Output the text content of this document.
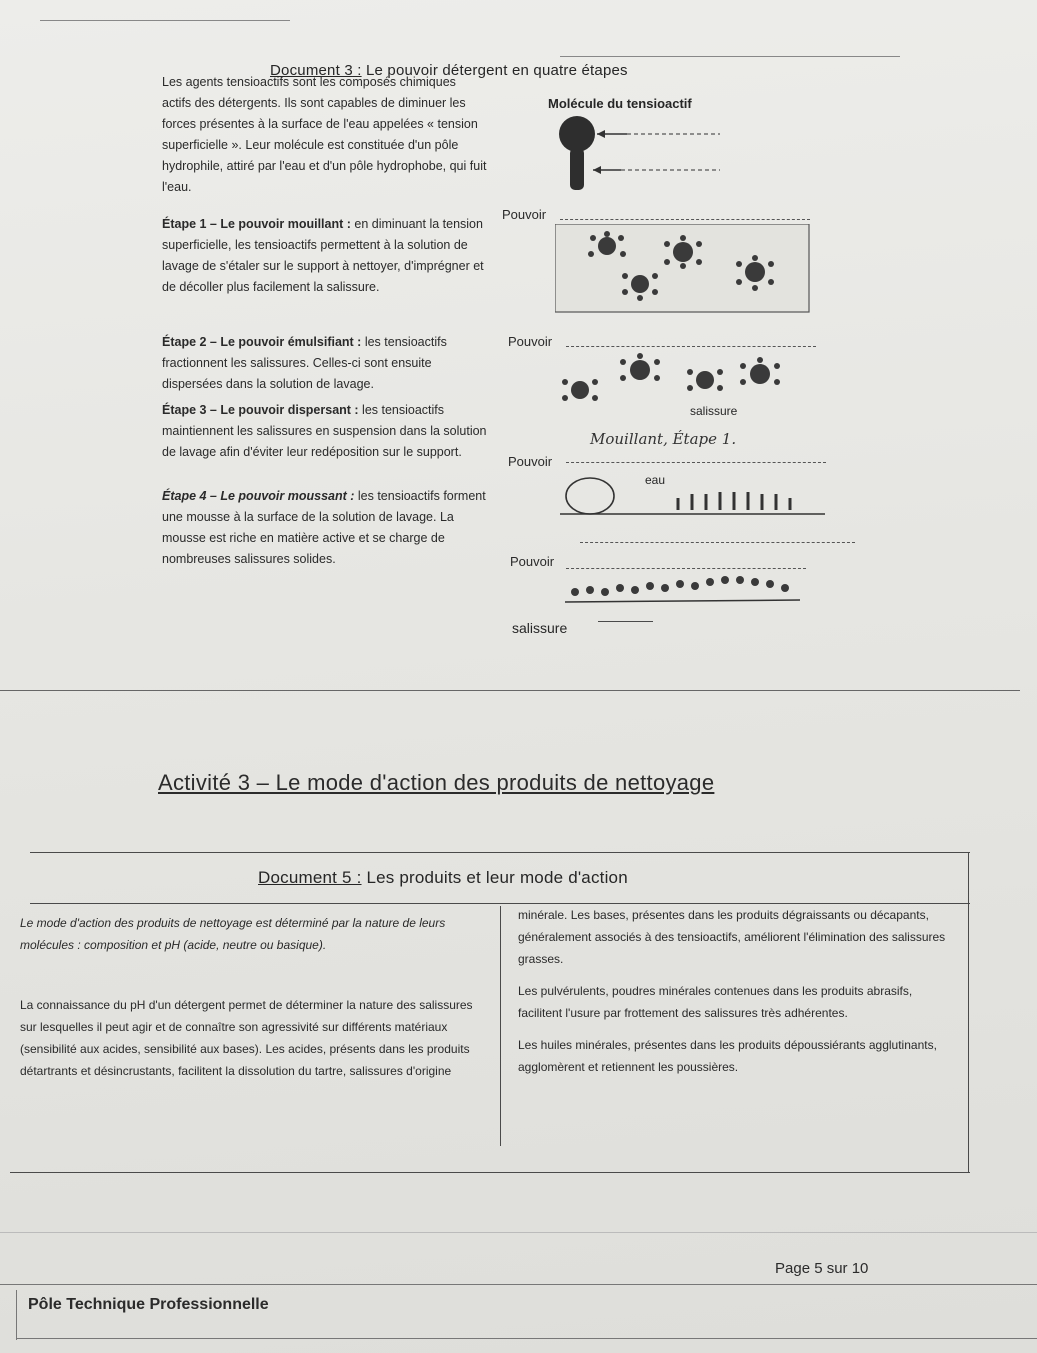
Document 3 : Le pouvoir détergent en quatre étapes
Les agents tensioactifs sont les composés chimiques actifs des détergents. Ils sont capables de diminuer les forces présentes à la surface de l'eau appelées « tension superficielle ». Leur molécule est constituée d'un pôle hydrophile, attiré par l'eau et d'un pôle hydrophobe, qui fuit l'eau.
Étape 1 – Le pouvoir mouillant : en diminuant la tension superficielle, les tensioactifs permettent à la solution de lavage de s'étaler sur le support à nettoyer, d'imprégner et de décoller plus facilement la salissure.
Étape 2 – Le pouvoir émulsifiant : les tensioactifs fractionnent les salissures. Celles-ci sont ensuite dispersées dans la solution de lavage.
Étape 3 – Le pouvoir dispersant : les tensioactifs maintiennent les salissures en suspension dans la solution de lavage afin d'éviter leur redéposition sur le support.
Étape 4 – Le pouvoir moussant : les tensioactifs forment une mousse à la surface de la solution de lavage. La mousse est riche en matière active et se charge de nombreuses salissures solides.
Molécule du tensioactif
Pouvoir
Pouvoir
salissure
Pouvoir
Mouillant, Étape 1.
eau
Pouvoir
salissure
Activité 3 – Le mode d'action des produits de nettoyage
Document 5 : Les produits et leur mode d'action
Le mode d'action des produits de nettoyage est déterminé par la nature de leurs molécules : composition et pH (acide, neutre ou basique).
La connaissance du pH d'un détergent permet de déterminer la nature des salissures sur lesquelles il peut agir et de connaître son agressivité sur différents matériaux (sensibilité aux acides, sensibilité aux bases). Les acides, présents dans les produits détartrants et désincrustants, facilitent la dissolution du tartre, salissures d'origine
minérale. Les bases, présentes dans les produits dégraissants ou décapants, généralement associés à des tensioactifs, améliorent l'élimination des salissures grasses.
Les pulvérulents, poudres minérales contenues dans les produits abrasifs, facilitent l'usure par frottement des salissures très adhérentes.
Les huiles minérales, présentes dans les produits dépoussiérants agglutinants, agglomèrent et retiennent les poussières.
Page 5 sur 10
Pôle Technique Professionnelle
